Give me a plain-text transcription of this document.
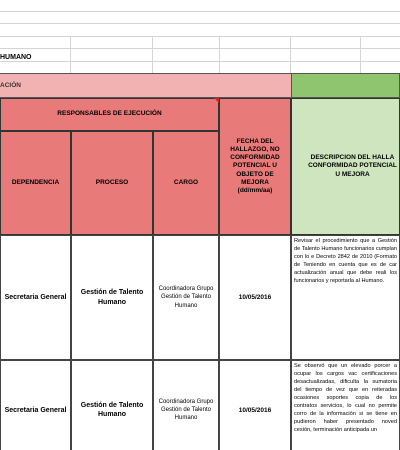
HUMANO
ACIÓN
RESPONSABLES DE EJECUCIÓN
FECHA DEL HALLAZGO, NO CONFORMIDAD POTENCIAL U OBJETO DE MEJORA (dd/mm/aa)
DESCRIPCION DEL HALLA CONFORMIDAD POTENCIAL U MEJORA
DEPENDENCIA	PROCESO	CARGO
Secretaria General
Gestión de Talento Humano
Coordinadora Grupo Gestión de Talento Humano
10/05/2016
Revisar el procedimiento que a Gestión de Talento Humano funcionarios cumplan con lo e Decreto 2842 de 2010 (Formato de Teniendo en cuenta que es de car actualización anual que debe reali los funcionarios y reportarla al Humano.
Secretaria General
Gestión de Talento Humano
Coordinadora Grupo Gestión de Talento Humano
10/05/2016
Se observó que un elevado porcer a ocupar los cargos vac certificaciones desactualizadas, dificulta la sumatoria del tiempo de vez que en reiteradas ocasiones soportes copia de los contratos servicios, lo cual no permite corro de la información si se tiene en pudieron haber presentado noved cesión, terminación anticipada un
